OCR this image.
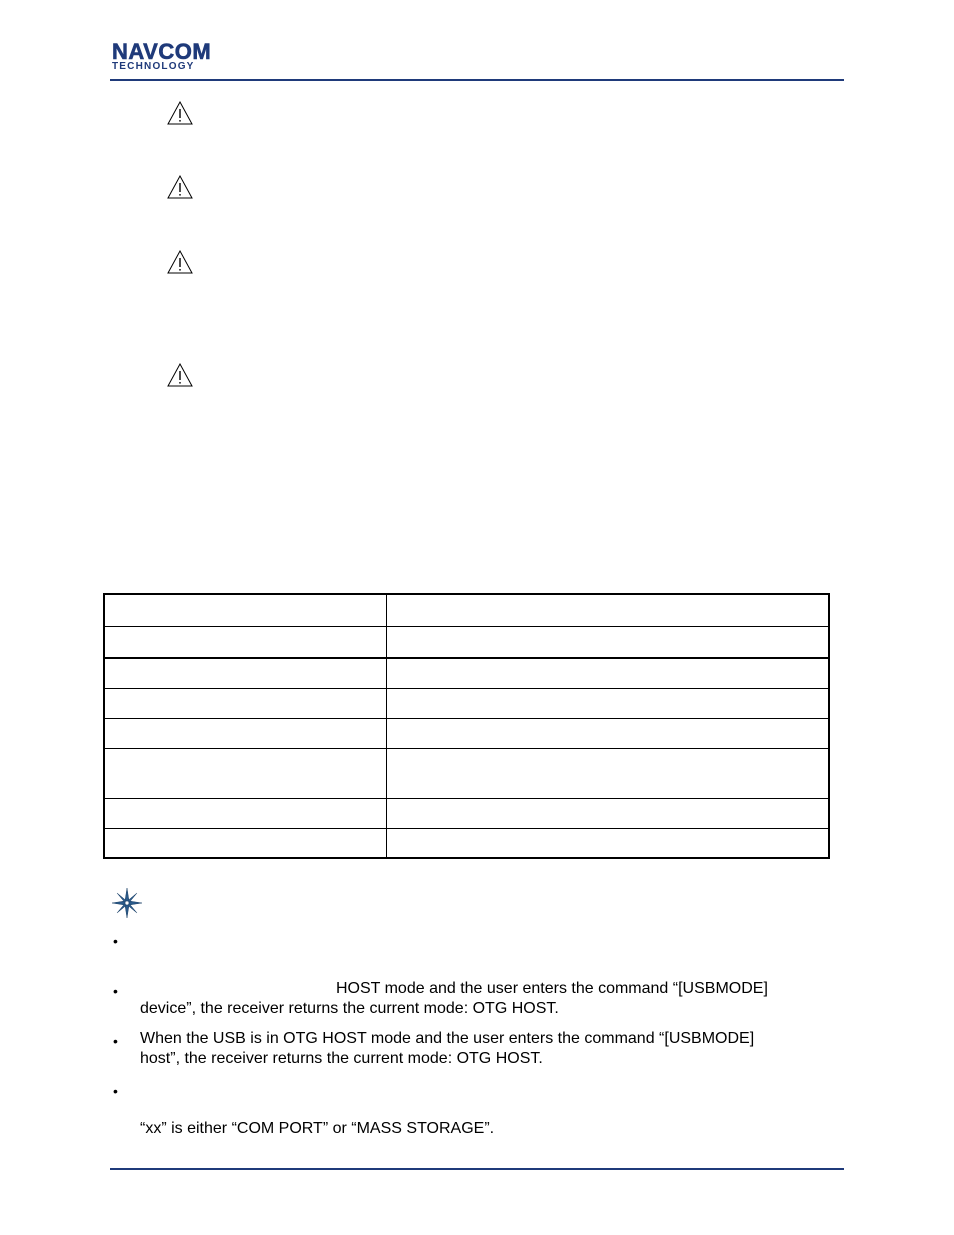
NAVCOM
TECHNOLOGY
•
•	HOST mode and the user enters the command “[USBMODE]
device”, the receiver returns the current mode: OTG HOST.
• When the USB is in OTG HOST mode and the user enters the command “[USBMODE]
host”, the receiver returns the current mode: OTG HOST.
•
“xx” is either “COM PORT” or “MASS STORAGE”.
